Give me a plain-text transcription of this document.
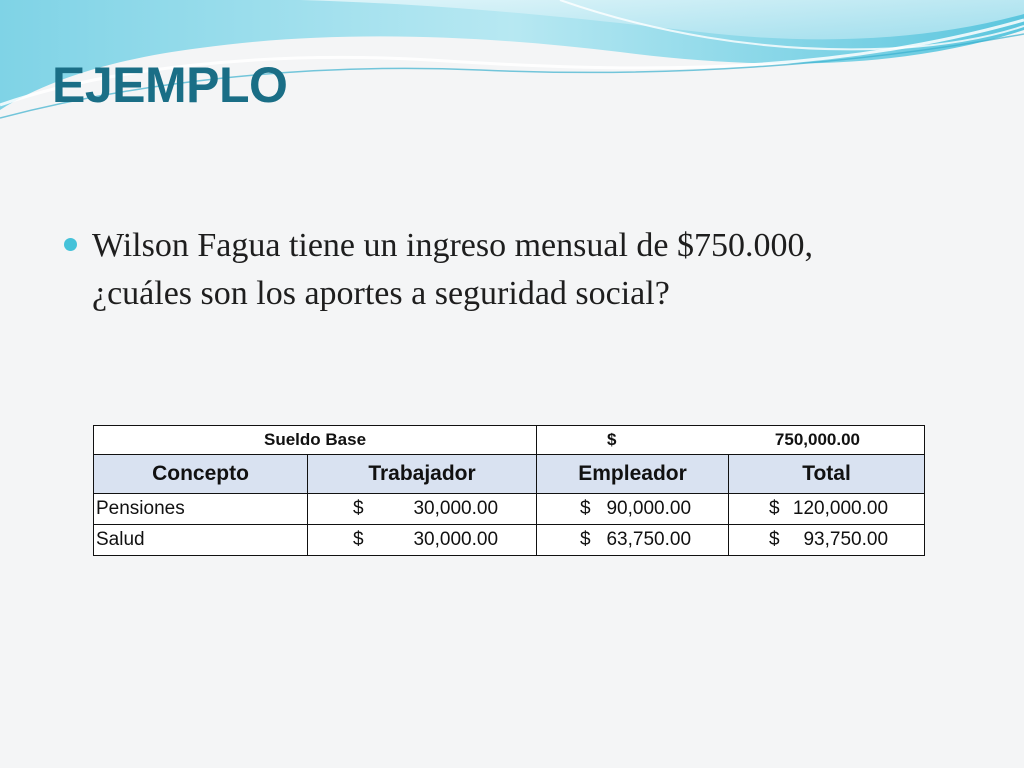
EJEMPLO
Wilson Fagua tiene un ingreso mensual de $750.000,
¿cuáles son los aportes a seguridad social?
Sueldo Base		$ 750,000.00	

Concepto	Trabajador	Empleador	Total
Pensiones	$ 30,000.00	$ 90,000.00	$ 120,000.00

Salud	$ 30,000.00	$ 63,750.00	$ 93,750.00
